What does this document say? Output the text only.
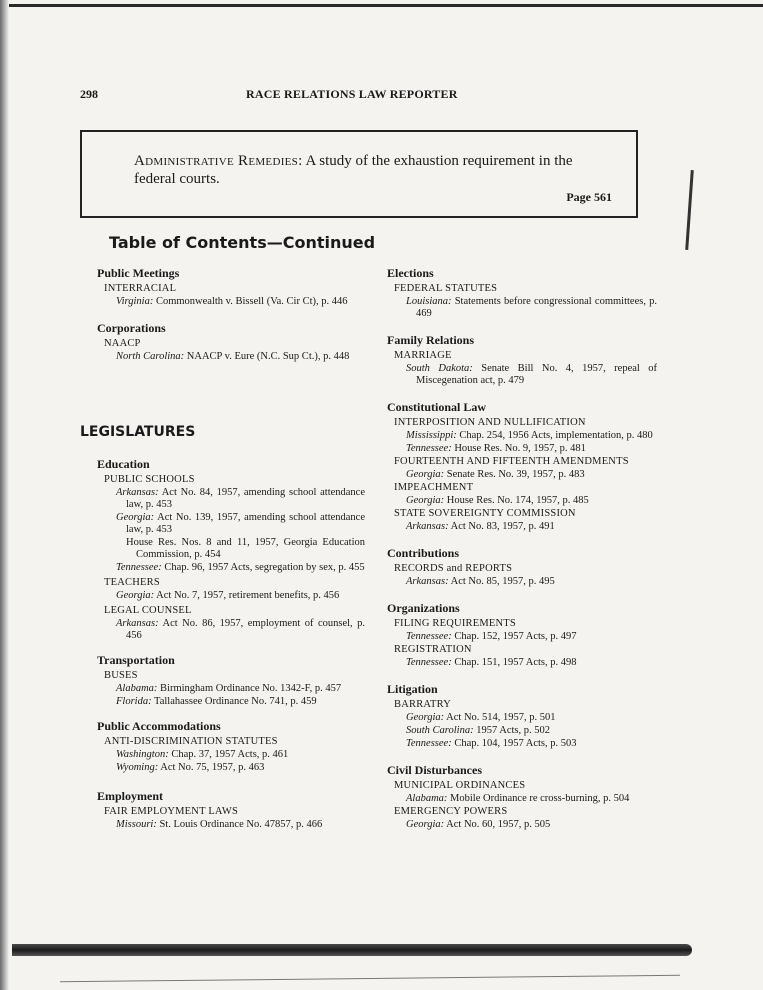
298	RACE RELATIONS LAW REPORTER
Administrative Remedies: A study of the exhaustion requirement in the federal courts.
Page 561
Table of Contents—Continued
LEGISLATURES
Public Meetings
INTERRACIAL
Virginia: Commonwealth v. Bissell (Va. Cir Ct), p. 446
Corporations
NAACP
North Carolina: NAACP v. Eure (N.C. Sup Ct.), p. 448
Education
PUBLIC SCHOOLS
Arkansas: Act No. 84, 1957, amending school attendance law, p. 453
Georgia: Act No. 139, 1957, amending school attendance law, p. 453
House Res. Nos. 8 and 11, 1957, Georgia Education Commission, p. 454
Tennessee: Chap. 96, 1957 Acts, segregation by sex, p. 455
TEACHERS
Georgia: Act No. 7, 1957, retirement benefits, p. 456
LEGAL COUNSEL
Arkansas: Act No. 86, 1957, employment of counsel, p. 456
Transportation
BUSES
Alabama: Birmingham Ordinance No. 1342-F, p. 457
Florida: Tallahassee Ordinance No. 741, p. 459
Public Accommodations
ANTI-DISCRIMINATION STATUTES
Washington: Chap. 37, 1957 Acts, p. 461
Wyoming: Act No. 75, 1957, p. 463
Employment
FAIR EMPLOYMENT LAWS
Missouri: St. Louis Ordinance No. 47857, p. 466
Elections
FEDERAL STATUTES
Louisiana: Statements before congressional committees, p. 469
Family Relations
MARRIAGE
South Dakota: Senate Bill No. 4, 1957, repeal of Miscegenation act, p. 479
Constitutional Law
INTERPOSITION AND NULLIFICATION
Mississippi: Chap. 254, 1956 Acts, implementation, p. 480
Tennessee: House Res. No. 9, 1957, p. 481
FOURTEENTH AND FIFTEENTH AMENDMENTS
Georgia: Senate Res. No. 39, 1957, p. 483
IMPEACHMENT
Georgia: House Res. No. 174, 1957, p. 485
STATE SOVEREIGNTY COMMISSION
Arkansas: Act No. 83, 1957, p. 491
Contributions
RECORDS and REPORTS
Arkansas: Act No. 85, 1957, p. 495
Organizations
FILING REQUIREMENTS
Tennessee: Chap. 152, 1957 Acts, p. 497
REGISTRATION
Tennessee: Chap. 151, 1957 Acts, p. 498
Litigation
BARRATRY
Georgia: Act No. 514, 1957, p. 501
South Carolina: 1957 Acts, p. 502
Tennessee: Chap. 104, 1957 Acts, p. 503
Civil Disturbances
MUNICIPAL ORDINANCES
Alabama: Mobile Ordinance re cross-burning, p. 504
EMERGENCY POWERS
Georgia: Act No. 60, 1957, p. 505
